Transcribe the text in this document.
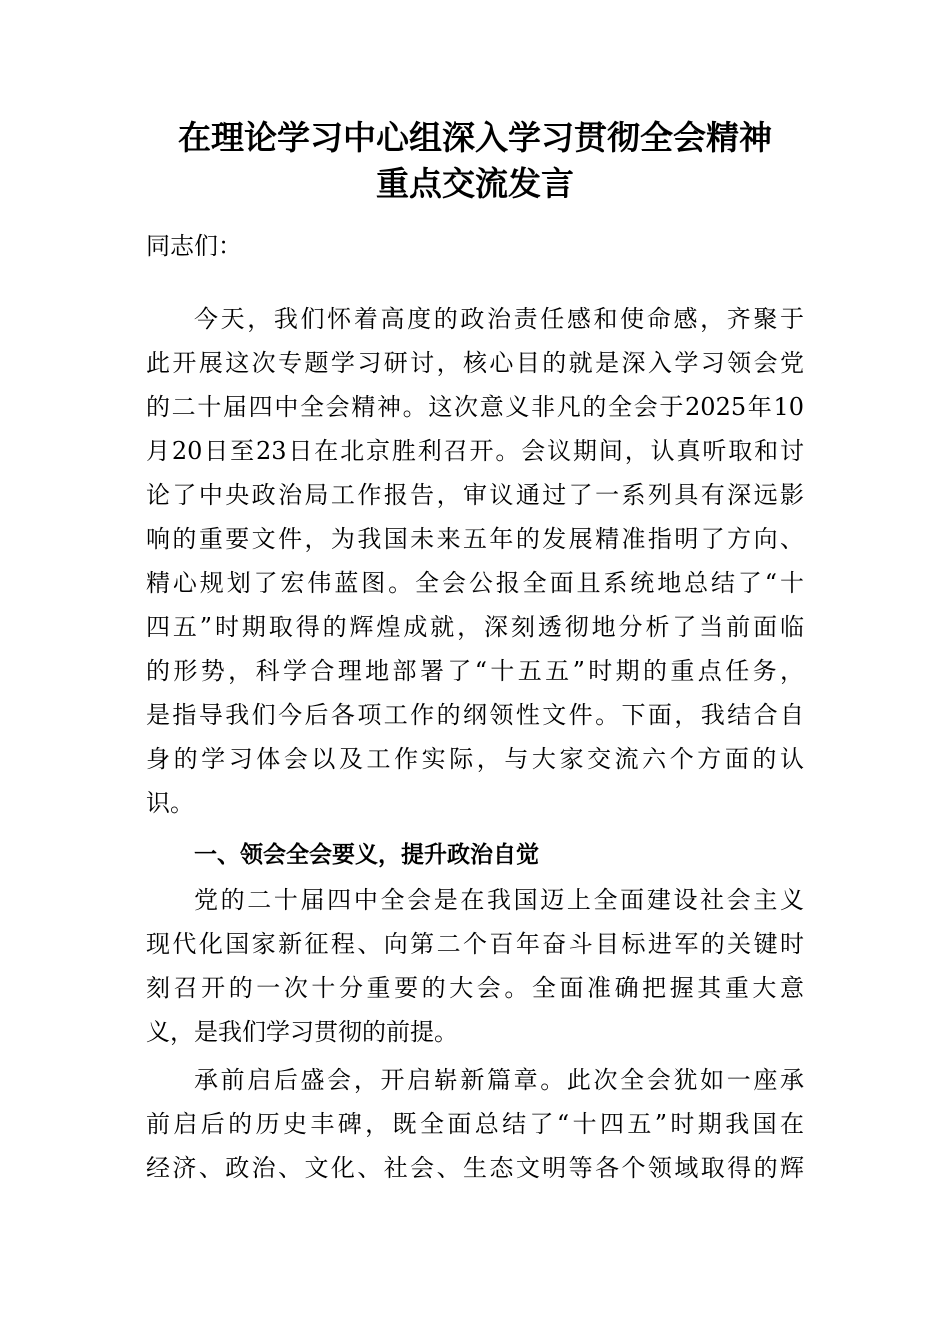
在理论学习中心组深入学习贯彻全会精神
重点交流发言
同志们：
今天，我们怀着高度的政治责任感和使命感，齐聚于
此开展这次专题学习研讨，核心目的就是深入学习领会党
的二十届四中全会精神。这次意义非凡的全会于2025年10
月20日至23日在北京胜利召开。会议期间，认真听取和讨
论了中央政治局工作报告，审议通过了一系列具有深远影
响的重要文件，为我国未来五年的发展精准指明了方向、
精心规划了宏伟蓝图。全会公报全面且系统地总结了“十
四五”时期取得的辉煌成就，深刻透彻地分析了当前面临
的形势，科学合理地部署了“十五五”时期的重点任务，
是指导我们今后各项工作的纲领性文件。下面，我结合自
身的学习体会以及工作实际，与大家交流六个方面的认
识。
一、领会全会要义，提升政治自觉
党的二十届四中全会是在我国迈上全面建设社会主义
现代化国家新征程、向第二个百年奋斗目标进军的关键时
刻召开的一次十分重要的大会。全面准确把握其重大意
义，是我们学习贯彻的前提。
承前启后盛会，开启崭新篇章。此次全会犹如一座承
前启后的历史丰碑，既全面总结了“十四五”时期我国在
经济、政治、文化、社会、生态文明等各个领域取得的辉
